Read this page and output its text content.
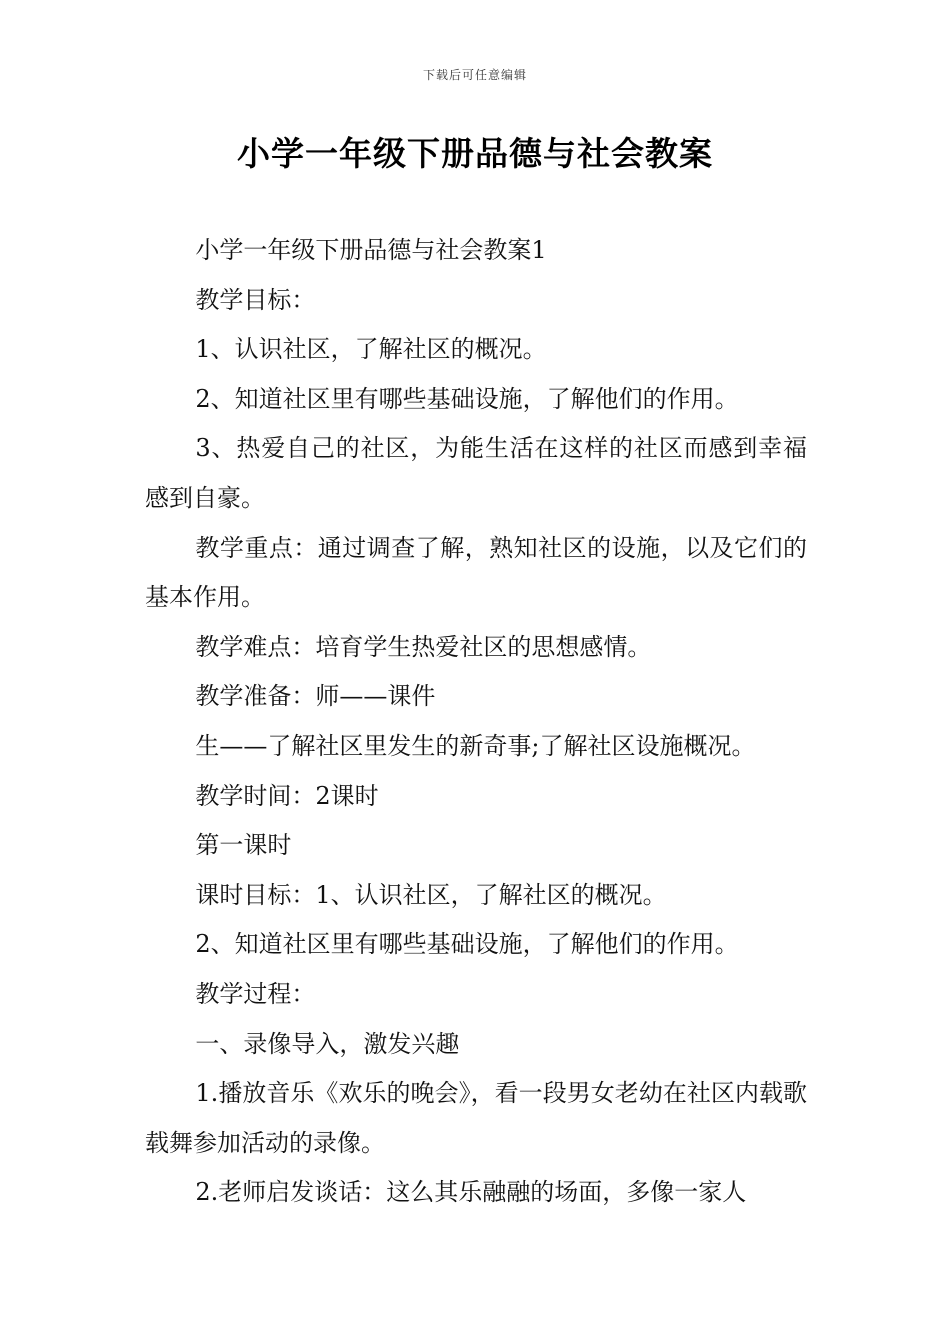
下载后可任意编辑
小学一年级下册品德与社会教案

小学一年级下册品德与社会教案1

教学目标：

1、认识社区，了解社区的概况。

2、知道社区里有哪些基础设施，了解他们的作用。

3、热爱自己的社区，为能生活在这样的社区而感到幸福感到自豪。

教学重点：通过调查了解，熟知社区的设施，以及它们的基本作用。

教学难点：培育学生热爱社区的思想感情。

教学准备：师——课件

生——了解社区里发生的新奇事;了解社区设施概况。

教学时间：2课时

第一课时

课时目标：1、认识社区，了解社区的概况。

2、知道社区里有哪些基础设施，了解他们的作用。

教学过程：

一、录像导入，激发兴趣

1.播放音乐《欢乐的晚会》，看一段男女老幼在社区内载歌载舞参加活动的录像。

2.老师启发谈话：这么其乐融融的场面，多像一家人
